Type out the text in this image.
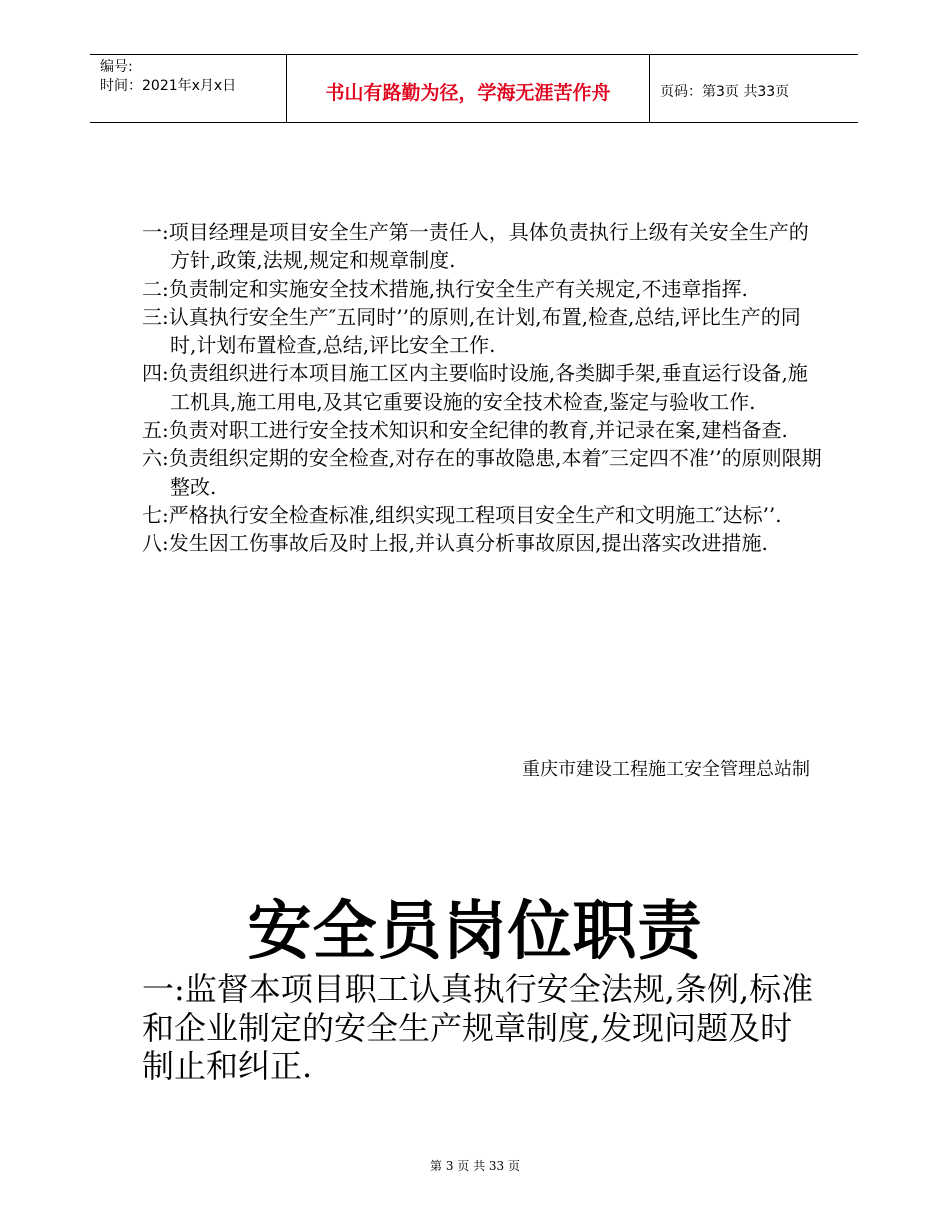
编号:
时间：2021年x月x日	书山有路勤为径，学海无涯苦作舟	页码：第3页 共33页
一:项目经理是项目安全生产第一责任人，具体负责执行上级有关安全生产的方针,政策,法规,规定和规章制度.
二:负责制定和实施安全技术措施,执行安全生产有关规定,不违章指挥.
三:认真执行安全生产″五同时’’的原则,在计划,布置,检查,总结,评比生产的同时,计划布置检查,总结,评比安全工作.
四:负责组织进行本项目施工区内主要临时设施,各类脚手架,垂直运行设备,施工机具,施工用电,及其它重要设施的安全技术检查,鉴定与验收工作.
五:负责对职工进行安全技术知识和安全纪律的教育,并记录在案,建档备查.
六:负责组织定期的安全检查,对存在的事故隐患,本着″三定四不准’’的原则限期整改.
七:严格执行安全检查标准,组织实现工程项目安全生产和文明施工″达标’’.
八:发生因工伤事故后及时上报,并认真分析事故原因,提出落实改进措施.
重庆市建设工程施工安全管理总站制
安全员岗位职责
一:监督本项目职工认真执行安全法规,条例,标准和企业制定的安全生产规章制度,发现问题及时制止和纠正.
第 3 页 共 33 页
